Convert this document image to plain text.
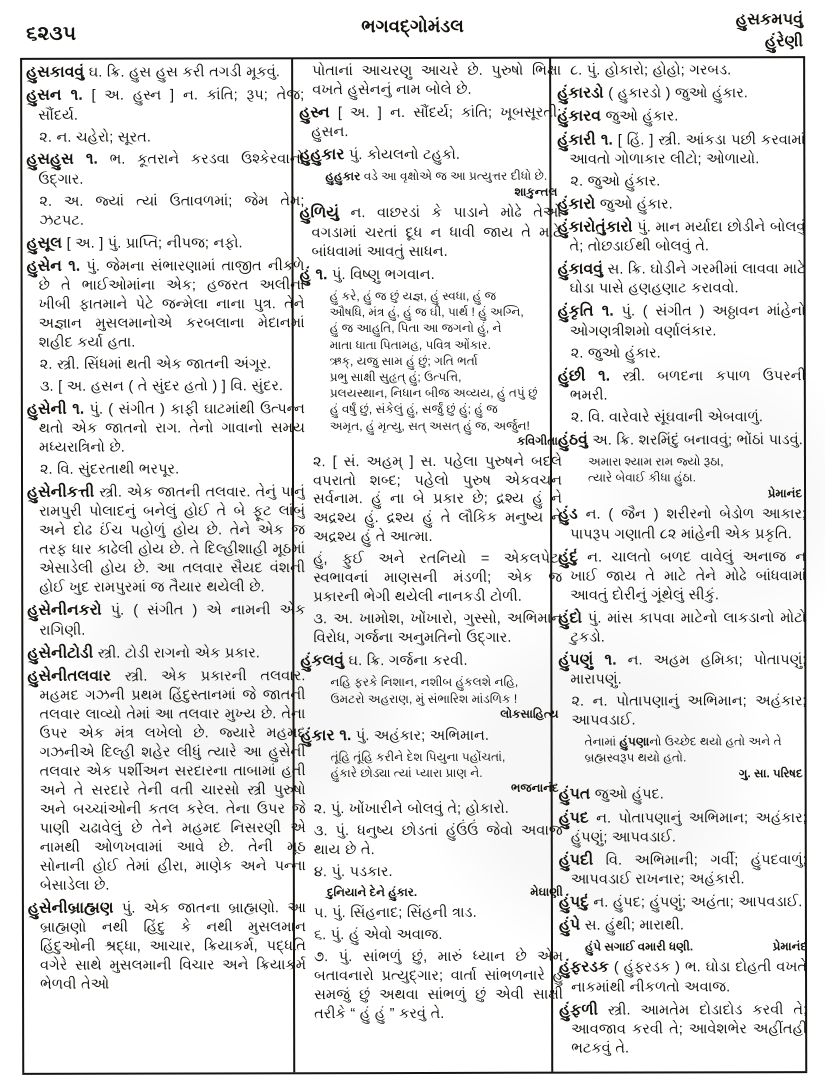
૬૨૩૫	ભગવદ્ગોમંડલ	હુસકમપવું
હુંરેણી

હુસકાવવું ઘ. ક્રિ. હુસ હુસ કરી તગડી મૂકવું.

હુસન ૧. [ અ. હુસ્ન ] ન. કાંતિ; રૂપ; તેજ; સૌંદર્ય.

૨. ન. ચહેરો; સૂરત.

હુસહુસ ૧. ભ. કૂતરાને કરડવા ઉશ્કેરવાનો ઉદ્ગાર.

૨. અ. જ્યાં ત્યાં ઉતાવળમાં; જેમ તેમ; ઝટપટ.

હુસૂલ [ અ. ] પું. પ્રાપ્તિ; નીપજ; નફો.

હુસેન ૧. પું. જેમના સંભારણામાં તાજીત નીકળે છે તે ભાઈઓમાંના એક; હજરત અલીના ખીબી ફાતમાને પેટે જન્મેલા નાના પુત્ર. તેને અજ્ઞાન મુસલમાનોએ કરબલાના મેદાનમાં શહીદ કર્યા હતા.

૨. સ્ત્રી. સિંધમાં થતી એક જાતની અંગૂર.

૩. [ અ. હસન ( તે સુંદર હતો ) ] વિ. સુંદર.

હુસેની ૧. પું. ( સંગીત ) કાફી ઘાટમાંથી ઉત્પન્ન થતો એક જાતનો રાગ. તેનો ગાવાનો સમય મધ્યરાત્રિનો છે.

૨. વિ. સુંદરતાથી ભરપૂર.

હુસેનીકત્તી સ્ત્રી. એક જાતની તલવાર. તેનું પાનું રામપુરી પોલાદનું બનેલું હોઈ તે બે ફૂટ લાંબું અને દોઢ ઈંચ પહોળું હોય છે. તેને એક જ તરફ ધાર કાઢેલી હોય છે. તે દિલ્હીશાહી મૂઠમાં એસાડેલી હોય છે. આ તલવાર સૈયદ વંશની હોઈ ખુદ રામપુરમાં જ તૈયાર થયેલી છે.

હુસેનીનકરો પું. ( સંગીત ) એ નામની એક રાગિણી.

હુસેનીટોડી સ્ત્રી. ટોડી રાગનો એક પ્રકાર.

હુસેનીતલવાર સ્ત્રી. એક પ્રકારની તલવાર. મહમદ ગઝની પ્રથમ હિંદુસ્તાનમાં જે જાતની તલવાર લાવ્યો તેમાં આ તલવાર મુખ્ય છે. તેના ઉપર એક મંત્ર લખેલો છે. જ્યારે મહમદ ગઝનીએ દિલ્હી શહેર લીધું ત્યારે આ હુસેની તલવાર એક પર્શીઅન સરદારના તાબામાં હતી અને તે સરદારે તેની વતી ચારસો સ્ત્રી પુરુષો અને બચ્ચાંઓની કતલ કરેલ. તેના ઉપર જે પાણી ચઢાવેલું છે તેને મહમદ નિસરણી એ નામથી ઓળખવામાં આવે છે. તેની મૂઠ સોનાની હોઈ તેમાં હીરા, માણેક અને પન્ના બેસાડેલા છે.

હુસેનીબ્રાહ્મણ પું. એક જાતના બ્રાહ્મણો. આ બ્રાહ્મણો નથી હિંદુ કે નથી મુસલમાન હિંદુઓની શ્રદ્ધા, આચાર, ક્રિયાકર્મ, પદ્ધતિ વગેરે સાથે મુસલમાની વિચાર અને ક્રિયાકર્મ ભેળવી તેઓ

પોતાનાં આચરણુ આચરે છે. પુરુષો ભિક્ષા વખતે હુસેનનું નામ બોલે છે.

હુસ્ન [ અ. ] ન. સૌંદર્ય; કાંતિ; ખૂબસૂરતી; હુસન.

હુહુકાર પું. કોયલનો ટહુકો.

હુહુકાર વડે આ વૃક્ષોએ જ આ પ્રત્યુત્તર દીધો છે.
શાકુન્તલ

હુળિયું ન. વાછરડાં કે પાડાને મોઢે તેઓ વગડામાં ચરતાં દૂધ ન ધાવી જાય તે માટે બાંધવામાં આવતું સાધન.

હું ૧. પું. વિષ્ણુ ભગવાન.

હું કરે, હું જ છું યજ્ઞ, હું સ્વધા, હું જ
ઔષધિ, મંત્ર હું, હું જ ઘી, પાર્થ ! હું અગ્નિ,
હું જ આહુતિ, પિતા આ જગનો હું, ને
માતા ધાતા પિતામહ, પવિત્ર ઓંકાર.
ઋક્, યજુ સામ હું છું; ગતિ ભર્તા
પ્રભુ સાક્ષી સુહૃત્ હું; ઉત્પત્તિ,
પ્રલયસ્થાન, નિધાન બીજ અવ્યય, હું તપું છું
હું વર્ષું છું, સંકેલું હું, સર્જું છું હું; હું જ
અમૃત, હું મૃત્યુ, સત્ અસત્ હું જ, અર્જુન!
કવિગીતા

૨. [ સં. અહમ્ ] સ. પહેલા પુરુષને બદલે વપરાતો શબ્દ; પહેલો પુરુષ એકવચન સર્વનામ. હું ના બે પ્રકાર છે; દ્રશ્ય હું ને અદ્રશ્ય હું. દ્રશ્ય હું તે લૌકિક મનુષ્ય ને અદ્રશ્ય હું તે આત્મા.

હું, ફુઈ અને રતનિયો = એકલપેટા સ્વભાવનાં માણસની મંડળી; એક જ પ્રકારની ભેગી થયેલી નાનકડી ટોળી.

૩. અ. ખામોશ, ખોંખારો, ગુસ્સો, અભિમાન વિરોધ, ગર્જના અનુમતિનો ઉદ્ગાર.

હુંકલવું ઘ. ક્રિ. ગર્જના કરવી.

નહિ ફરકે નિશાન, નશીબ હુંકલશે નહિ,
ઉમટરો અહરાણ, મું સંભારિશ માંડળિક !
લોકસાહિત્ય

હુંકાર ૧. પું. અહંકાર; અભિમાન.

તૂંહિ તૂંહિ કરીને દેશ પિયુના પહોંચતાં,
હુંકારે છોડ્યા ત્યાં પ્યારા પ્રાણ ને.
ભજનાનંદ

૨. પું. ખોંખારીને બોલવું તે; હોકારો.

૩. પું. ધનુષ્ય છોડતાં હુંઉંઉં જેવો અવાજ થાય છે તે.

૪. પું. પડકાર.

દુનિયાને દેને હુંકાર.	મેઘાણી

૫. પું. સિંહનાદ; સિંહની ત્રાડ.

૬. પું. હું એવો અવાજ.

૭. પું. સાંભળું છું, મારું ધ્યાન છે એમ બતાવનારો પ્રત્યુદ્ગાર; વાર્તા સાંભળનારે હું સમજું છું અથવા સાંભળું છું એવી સાક્ષી તરીકે “ હું હું ” કરવું તે.

૮. પું. હોકારો; હોહો; ગરબડ.

હુંકારડો ( હુકારડો ) જુઓ હુંકાર.

હુંકારવ જુઓ હુંકાર.

હુંકારી ૧. [ હિં. ] સ્ત્રી. આંકડા પછી કરવામાં આવતો ગોળાકાર લીટો; ઓળાયો.

૨. જુઓ હુંકાર.

હુંકારો જુઓ હુંકાર.

હુંકારોતુંકારો પું. માન મર્યાદા છોડીને બોલવું તે; તોછડાઈથી બોલવું તે.

હુંકાવવું સ. ક્રિ. ઘોડીને ગરમીમાં લાવવા માટે ઘોડા પાસે હણહણાટ કરાવવો.

હુંકૃતિ ૧. પું. ( સંગીત ) અઠ્ઠાવન માંહેનો ઓગણત્રીશમો વર્ણાલંકાર.

૨. જુઓ હુંકાર.

હુંછી ૧. સ્ત્રી. બળદના કપાળ ઉપરની ભમરી.

૨. વિ. વારેવારે સૂંઘવાની એબવાળું.

હુંઠવું અ. ક્રિ. શરમિંદું બનાવવું; ભોંઠાં પાડવું.

અમારા શ્યામ રામ જ્યો રૂઠા,
ત્યારે બેવાઈ કીધા હુંઠા.
પ્રેમાનંદ

હુંડ ન. ( જૈન ) શરીરનો બેડોળ આકાર; પાપરૂપ ગણાતી ૮૨ માંહેની એક પ્રકૃતિ.

હુંદું ન. ચાલતો બળદ વાવેલું અનાજ ન ખાઈ જાય તે માટે તેને મોઢે બાંધવામાં આવતું દોરીનું ગૂંથેલું સીકું.

હુંદો પું. માંસ કાપવા માટેનો લાકડાનો મોટો ટુકડો.

હુંપણું ૧. ન. અહમ હમિકા; પોતાપણું; મારાપણું.

૨. ન. પોતાપણાનું અભિમાન; અહંકાર; આપવડાઈ.

તેનામાં હુંપણાનો ઉચ્છેદ થયો હતો અને તે બ્રહ્મસ્વરૂપ થયો હતો.
ગુ. સા. પરિષદ

હુંપત જુઓ હુંપદ.

હુંપદ ન. પોતાપણાનું અભિમાન; અહંકાર; હુંપણું; આપવડાઈ.

હુંપદી વિ. અભિમાની; ગર્વી; હુંપદવાળું; આપવડાઈ રાખનાર; અહંકારી.

હુંપદું ન. હુંપદ; હુંપણું; અહંતા; આપવડાઈ.

હુંપે સ. હુંથી; મારાથી.

હુંપે સગાઈ વમારી ધણી.	પ્રેમાનંદ

હુંફરડક ( હુંફરડક ) ભ. ઘોડા દોહતી વખતે નાકમાંથી નીકળતો અવાજ.

હુંફળી સ્ત્રી. આમતેમ દોડાદોડ કરવી તે; આવજાવ કરવી તે; આવેશભેર અહીંતહીં ભટકવું તે.
